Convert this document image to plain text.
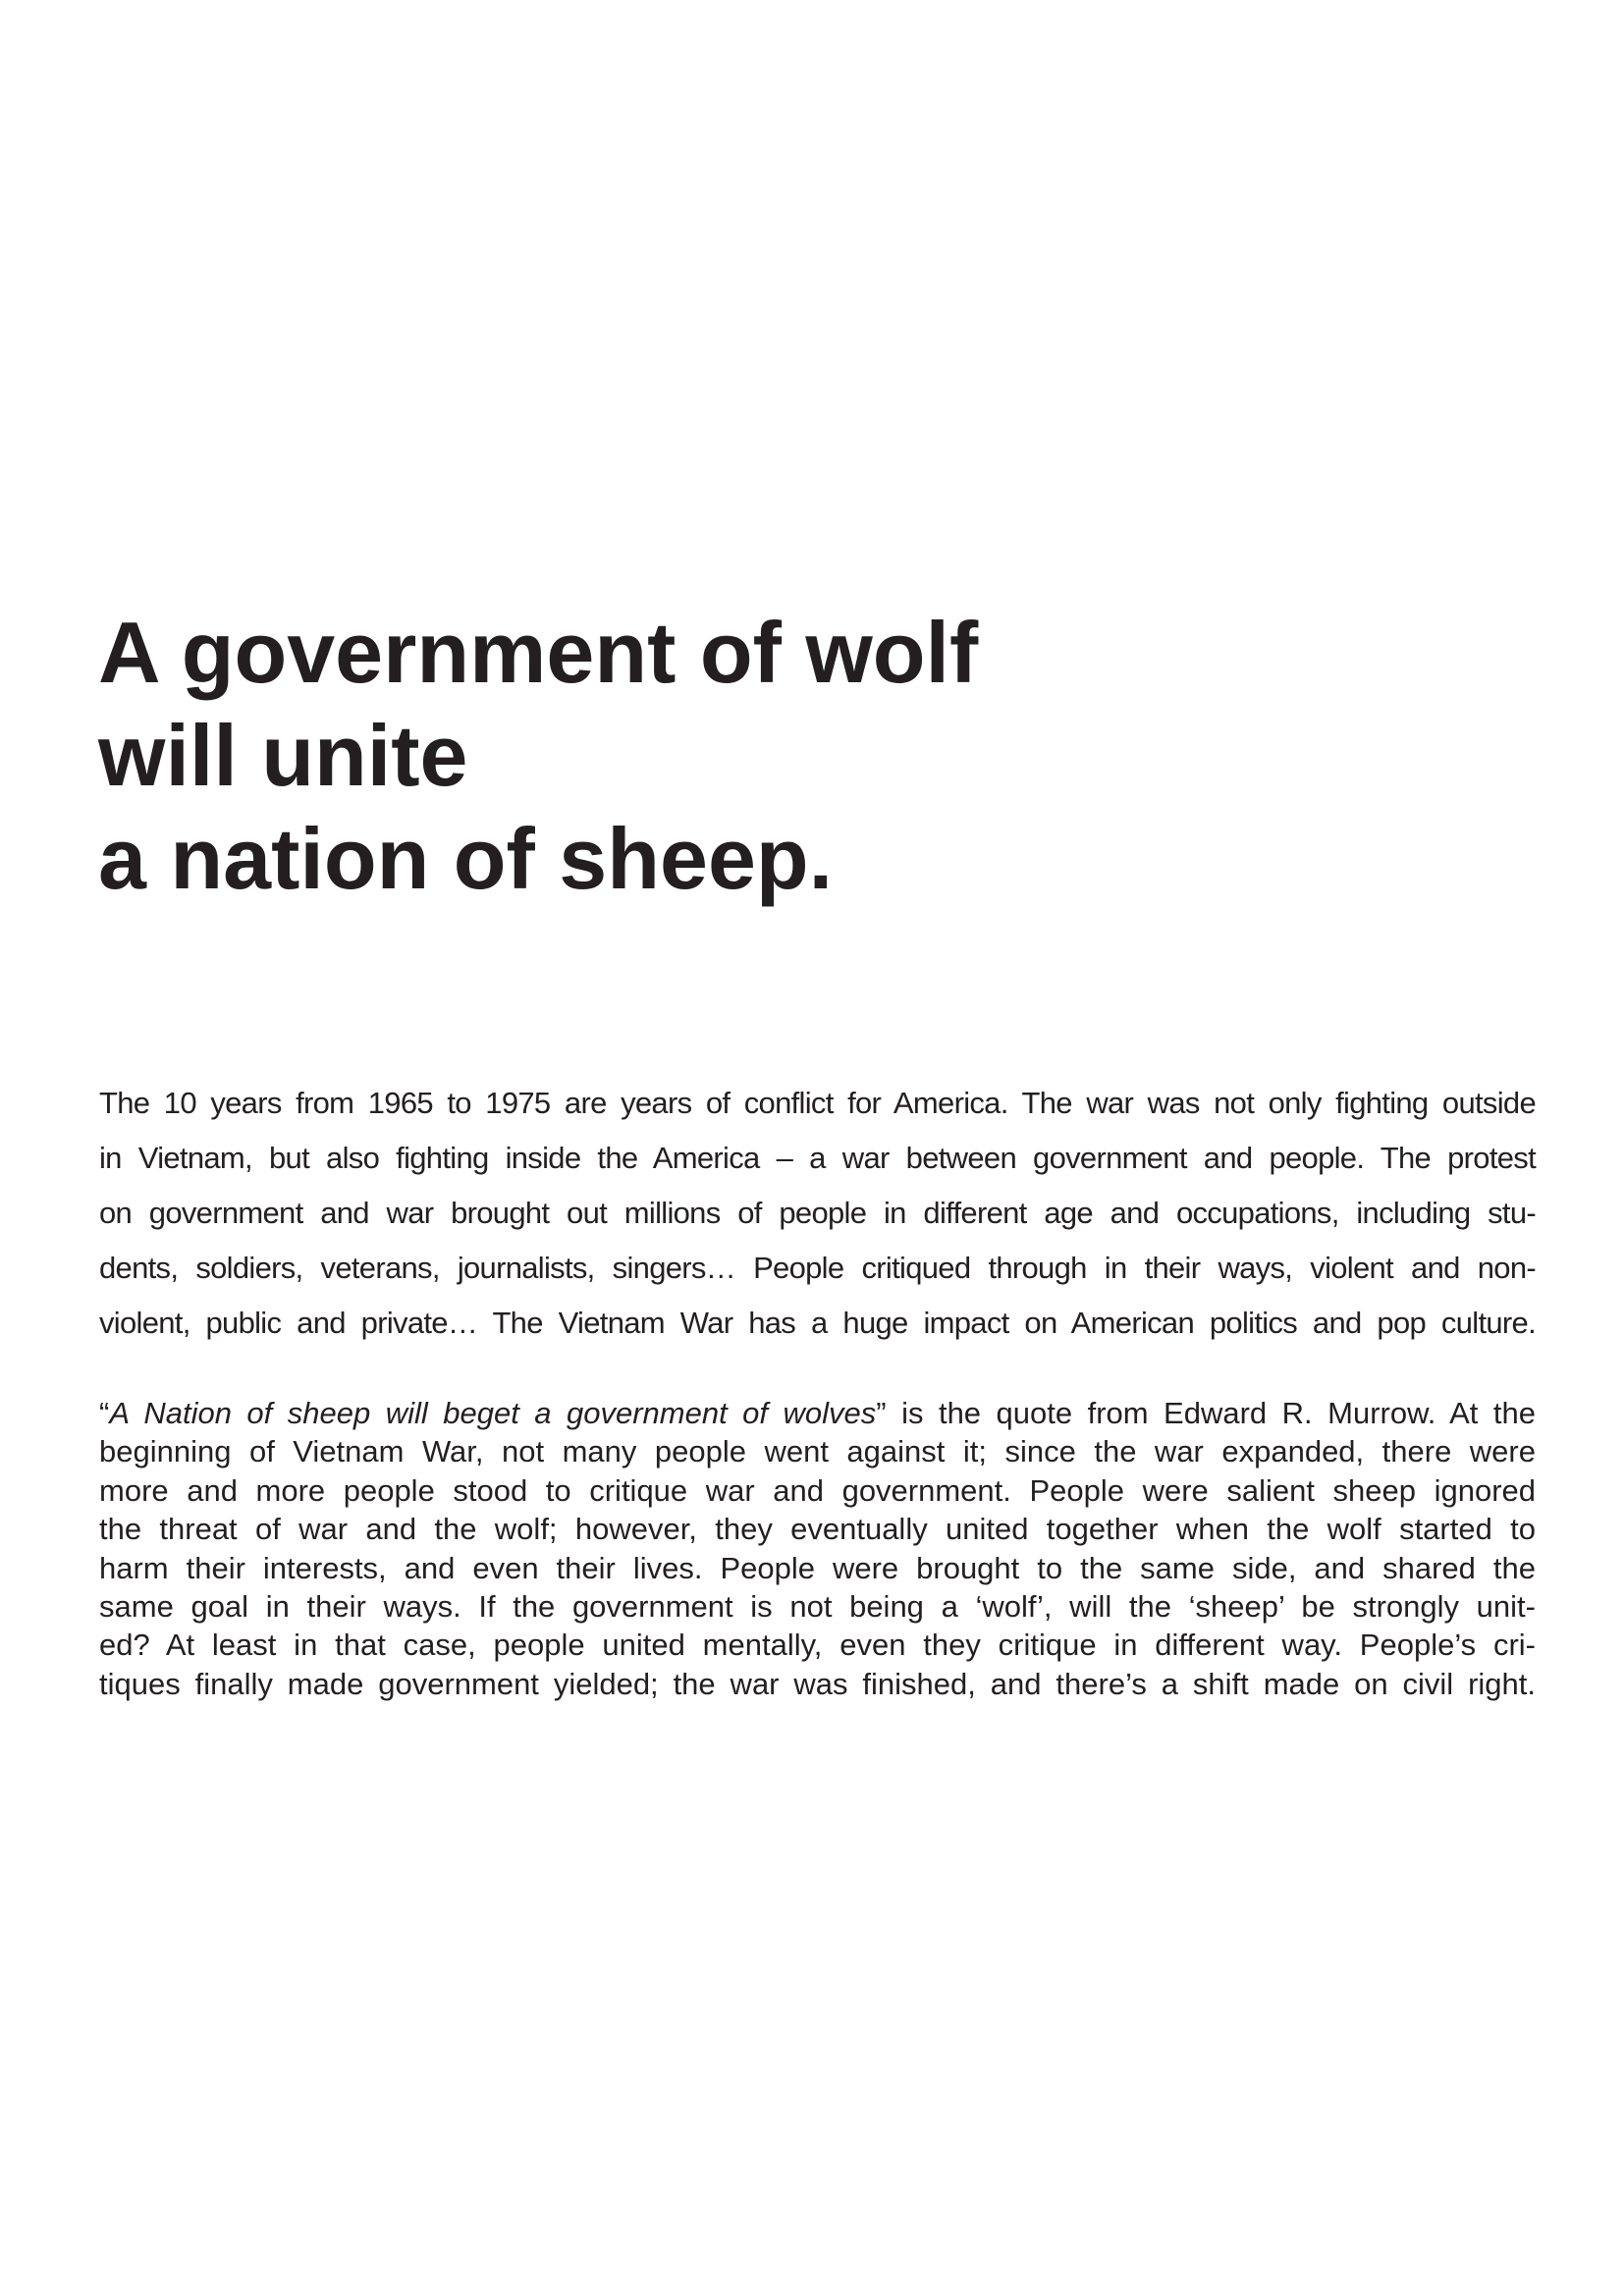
A government of wolf
will unite
a nation of sheep.

The 10 years from 1965 to 1975 are years of conflict for America. The war was not only fighting outside
in Vietnam, but also fighting inside the America – a war between government and people. The protest
on government and war brought out millions of people in different age and occupations, including stu-
dents, soldiers, veterans, journalists, singers… People critiqued through in their ways, violent and non-
violent, public and private… The Vietnam War has a huge impact on American politics and pop culture.

“A Nation of sheep will beget a government of wolves” is the quote from Edward R. Murrow. At the
beginning of Vietnam War, not many people went against it; since the war expanded, there were
more and more people stood to critique war and government. People were salient sheep ignored
the threat of war and the wolf; however, they eventually united together when the wolf started to
harm their interests, and even their lives. People were brought to the same side, and shared the
same goal in their ways. If the government is not being a ‘wolf’, will the ‘sheep’ be strongly unit-
ed? At least in that case, people united mentally, even they critique in different way. People’s cri-
tiques finally made government yielded; the war was finished, and there’s a shift made on civil right.
